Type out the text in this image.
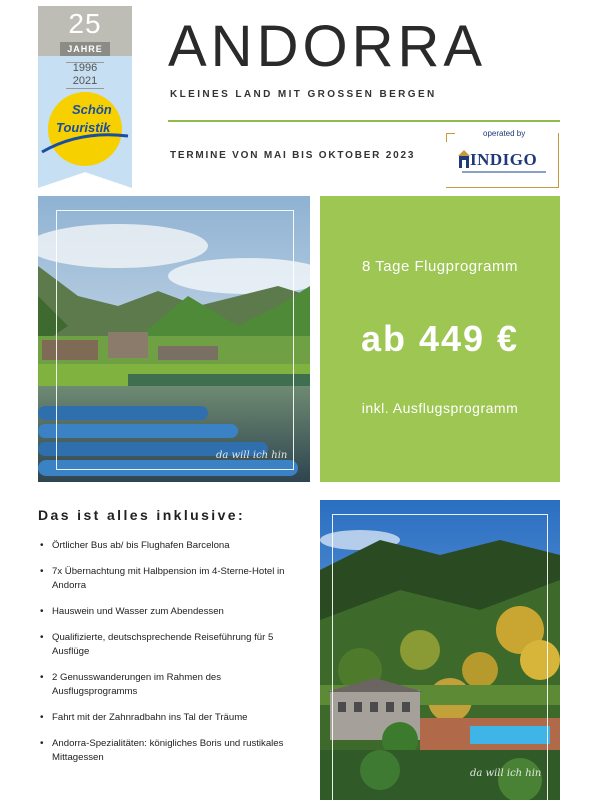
25
JAHRE
1996
2021
Schön
Touristik
ANDORRA
KLEINES LAND MIT GROSSEN BERGEN
TERMINE VON MAI BIS OKTOBER 2023
operated by
INDIGO
da will ich hin
8 Tage Flugprogramm
ab 449 €
inkl. Ausflugsprogramm
Das ist alles inklusive:
• Örtlicher Bus ab/ bis Flughafen Barcelona
• 7x Übernachtung mit Halbpension im 4-Sterne-Hotel in Andorra
• Hauswein und Wasser zum Abendessen
• Qualifizierte, deutschsprechende Reiseführung für 5 Ausflüge
• 2 Genusswanderungen im Rahmen des Ausflugsprogramms
• Fahrt mit der Zahnradbahn ins Tal der Träume
• Andorra-Spezialitäten: königliches Boris und rustikales Mittagessen
da will ich hin
